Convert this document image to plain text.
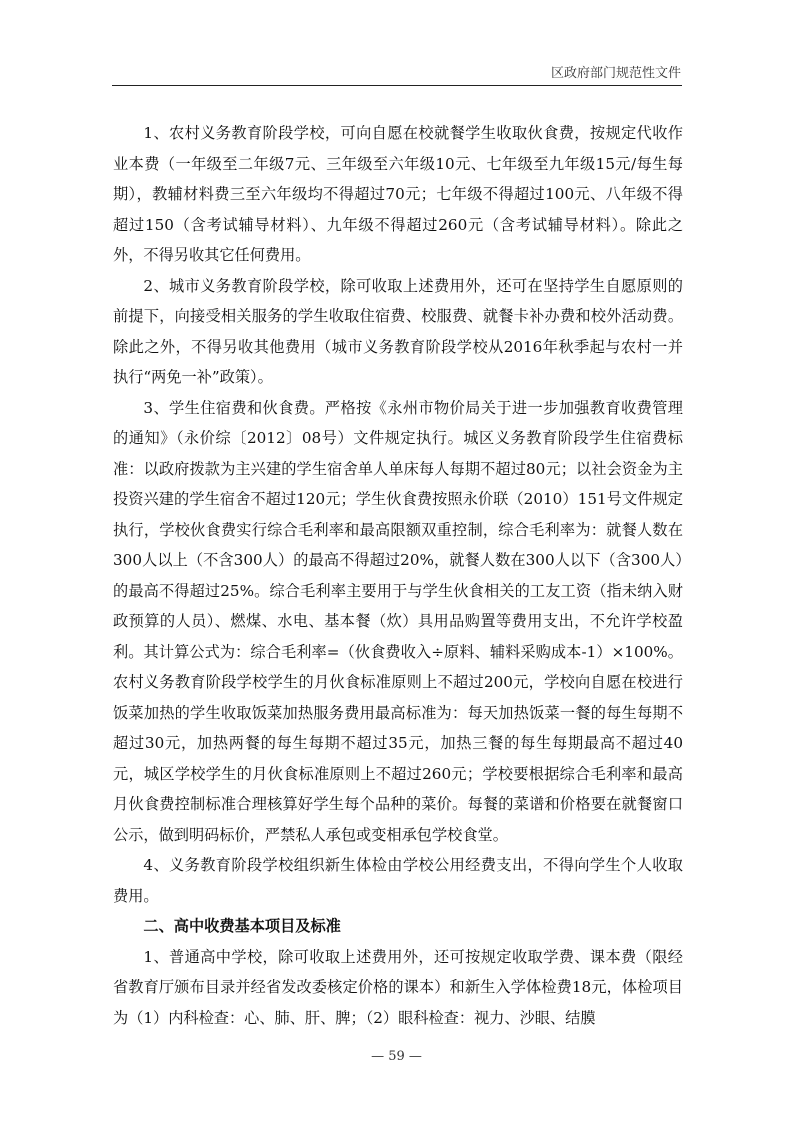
区政府部门规范性文件

1、农村义务教育阶段学校，可向自愿在校就餐学生收取伙食费，按规定代收作业本费（一年级至二年级7元、三年级至六年级10元、七年级至九年级15元/每生每期），教辅材料费三至六年级均不得超过70元；七年级不得超过100元、八年级不得 超过150（含考试辅导材料）、九年级不得超过260元（含考试辅导材料）。除此之外，不得另收其它任何费用。

2、城市义务教育阶段学校，除可收取上述费用外，还可在坚持学生自愿原则的前提下，向接受相关服务的学生收取住宿费、校服费、就餐卡补办费和校外活动费。除此之外，不得另收其他费用（城市义务教育阶段学校从2016年秋季起与农村一并执行“两免一补”政策）。

3、学生住宿费和伙食费。严格按《永州市物价局关于进一步加强教育收费管理的通知》（永价综〔2012〕08号）文件规定执行。城区义务教育阶段学生住宿费标准：以政府拨款为主兴建的学生宿舍单人单床每人每期不超过80元；以社会资金为主投资兴建的学生宿舍不超过120元；学生伙食费按照永价联（2010）151号文件规定执行，学校伙食费实行综合毛利率和最高限额双重控制，综合毛利率为：就餐人数在300人以上（不含300人）的最高不得超过20%，就餐人数在300人以下（含300人）的最高不得超过25%。综合毛利率主要用于与学生伙食相关的工友工资（指未纳入财政预算的人员）、燃煤、水电、基本餐（炊）具用品购置等费用支出，不允许学校盈利。其计算公式为：综合毛利率=（伙食费收入÷原料、辅料采购成本-1）×100%。农村义务教育阶段学校学生的月伙食标准原则上不超过200元，学校向自愿在校进行饭菜加热的学生收取饭菜加热服务费用最高标准为：每天加热饭菜一餐的每生每期不超过30元，加热两餐的每生每期不超过35元，加热三餐的每生每期最高不超过40元，城区学校学生的月伙食标准原则上不超过260元；学校要根据综合毛利率和最高月伙食费控制标准合理核算好学生每个品种的菜价。每餐的菜谱和价格要在就餐窗口公示，做到明码标价，严禁私人承包或变相承包学校食堂。

4、义务教育阶段学校组织新生体检由学校公用经费支出，不得向学生个人收取费用。

二、高中收费基本项目及标准

1、普通高中学校，除可收取上述费用外，还可按规定收取学费、课本费（限经省教育厅颁布目录并经省发改委核定价格的课本）和新生入学体检费18元，体检项目为（1）内科检查：心、肺、肝、脾；（2）眼科检查：视力、沙眼、结膜

— 59 —
